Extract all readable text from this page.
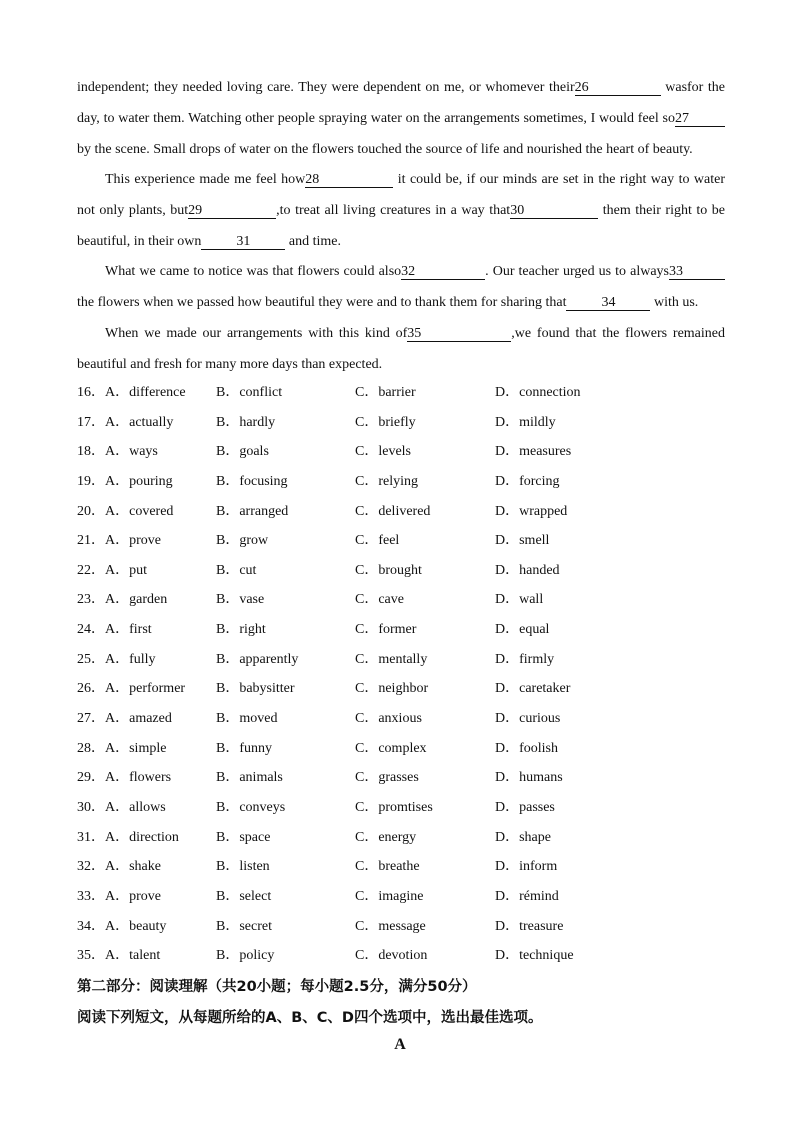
independent; they needed loving care. They were dependent on me, or whomever their26	wasfor the
day, to water them. Watching other people spraying water on the arrangements sometimes, I would feel so27
by the scene. Small drops of water on the flowers touched the source of life and nourished the heart of beauty.
This experience made me feel how28	it could be, if our minds are set in the right way to water
not only plants, but29	,to treat all living creatures in a way that30	them their right to be
beautiful, in their own	31	and time.
What we came to notice was that flowers could also32	. Our teacher urged us to always33
the flowers when we passed how beautiful they were and to thank them for sharing that	34	with us.
When we made our arrangements with this kind of35	,we found that the flowers remained
beautiful and fresh for many more days than expected.
16．A．difference B．conflict	C．barrier	D．connection
17．A．actually	B．hardly	C．briefly	D．mildly
18．A．ways	B．goals	C．levels	D．measures
19．A．pouring	B．focusing	C．relying	D．forcing
20．A．covered	B．arranged	C．delivered	D．wrapped
21．A．prove	B．grow	C．feel	D．smell
22．A．put	B．cut	C．brought	D．handed
23．A．garden	B．vase	C．cave	D．wall
24．A．first	B．right	C．former	D．equal
25．A．fully	B．apparently	C．mentally	D．firmly
26．A．performer B．babysitter	C．neighbor	D．caretaker
27．A．amazed	B．moved	C．anxious	D．curious
28．A．simple	B．funny	C．complex	D．foolish
29．A．flowers	B．animals	C．grasses	D．humans
30．A．allows	B．conveys	C．promtises	D．passes
31．A．direction	B．space	C．energy	D．shape
32．A．shake	B．listen	C．breathe	D．inform
33．A．prove	B．select	C．imagine	D．rémind
34．A．beauty	B．secret	C．message	D．treasure
35．A．talent	B．policy	C．devotion	D．technique
第二部分：阅读理解（共20小题；每小题2.5分，满分50分）
阅读下列短文，从每题所给的A、B、C、D四个选项中，选出最佳选项。
A
